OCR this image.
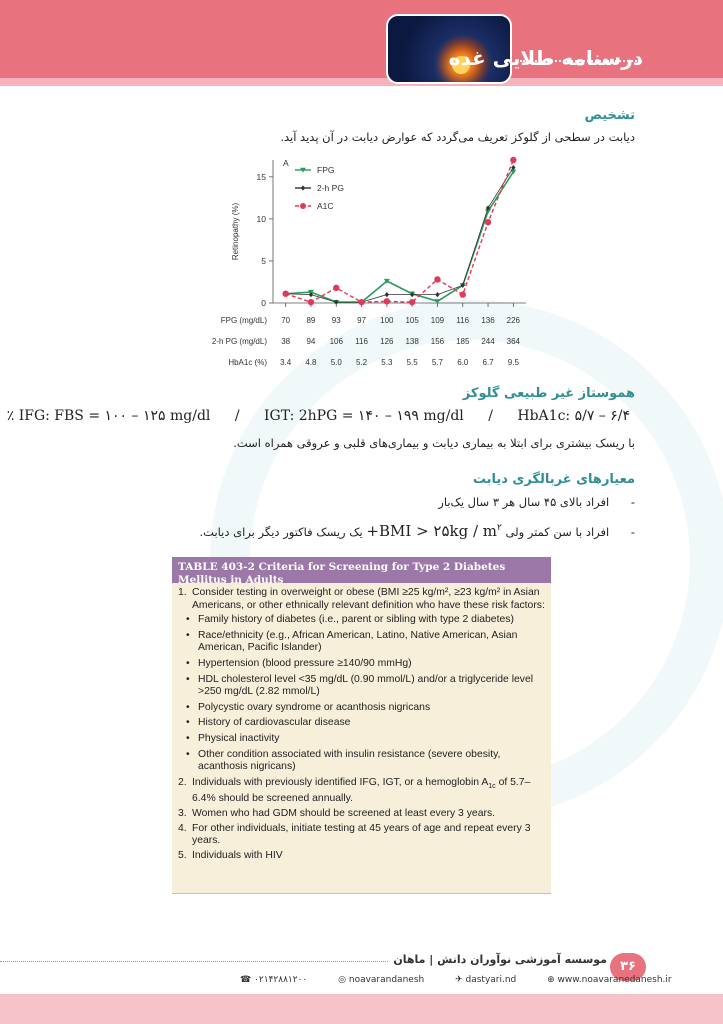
درسنامه طلایی غده
تشخیص
دیابت در سطحی از گلوکز تعریف می‌گردد که عوارض دیابت در آن پدید آید.
0
5
10
15
A
Retinopathy (%)
FPG
2-h PG
A1C
FPG (mg/dL) 70 89 93 97 100 105 109 116 136 226
2-h PG (mg/dL) 38 94 106 116 126 138 156 185 244 364
HbA1c (%) 3.4 4.8 5.0 5.2 5.3 5.5 5.7 6.0 6.7 9.5
هموستاز غیر طبیعی گلوکز
IFG: FBS = ۱۰۰ – ۱۲۵ mg/dl / IGT: 2hPG = ۱۴۰ – ۱۹۹ mg/dl / HbA1c: ۵/۷ – ۶/۴ ٪
با ریسک بیشتری برای ابتلا به بیماری دیابت و بیماری‌های قلبی و عروقی همراه است.
معیارهای غربالگری دیابت
- افراد بالای ۴۵ سال هر ۳ سال یک‌بار
- افراد با سن کمتر ولی +BMI > ۲۵kg / $m^۲$ یک ریسک فاکتور دیگر برای دیابت.
TABLE 403-2 Criteria for Screening for Type 2 Diabetes Mellitus in Adults
1. Consider testing in overweight or obese (BMI ≥25 kg/m², ≥23 kg/m² in Asian Americans, or other ethnically relevant definition who have these risk factors:
• Family history of diabetes (i.e., parent or sibling with type 2 diabetes)
• Race/ethnicity (e.g., African American, Latino, Native American, Asian American, Pacific Islander)
• Hypertension (blood pressure ≥140/90 mmHg)
• HDL cholesterol level <35 mg/dL (0.90 mmol/L) and/or a triglyceride level >250 mg/dL (2.82 mmol/L)
• Polycystic ovary syndrome or acanthosis nigricans
• History of cardiovascular disease
• Physical inactivity
• Other condition associated with insulin resistance (severe obesity, acanthosis nigricans)
2. Individuals with previously identified IFG, IGT, or a hemoglobin $A_{1c}$ of 5.7–6.4% should be screened annually.
3. Women who had GDM should be screened at least every 3 years.
4. For other individuals, initiate testing at 45 years of age and repeat every 3 years.
5. Individuals with HIV
موسسه آموزشی نوآوران دانش | ماهان	۳۶
☎ ۰۲۱۴۲۸۸۱۲۰۰	◎ noavarandanesh	✈ dastyari.nd	⊕ www.noavaranedanesh.ir
